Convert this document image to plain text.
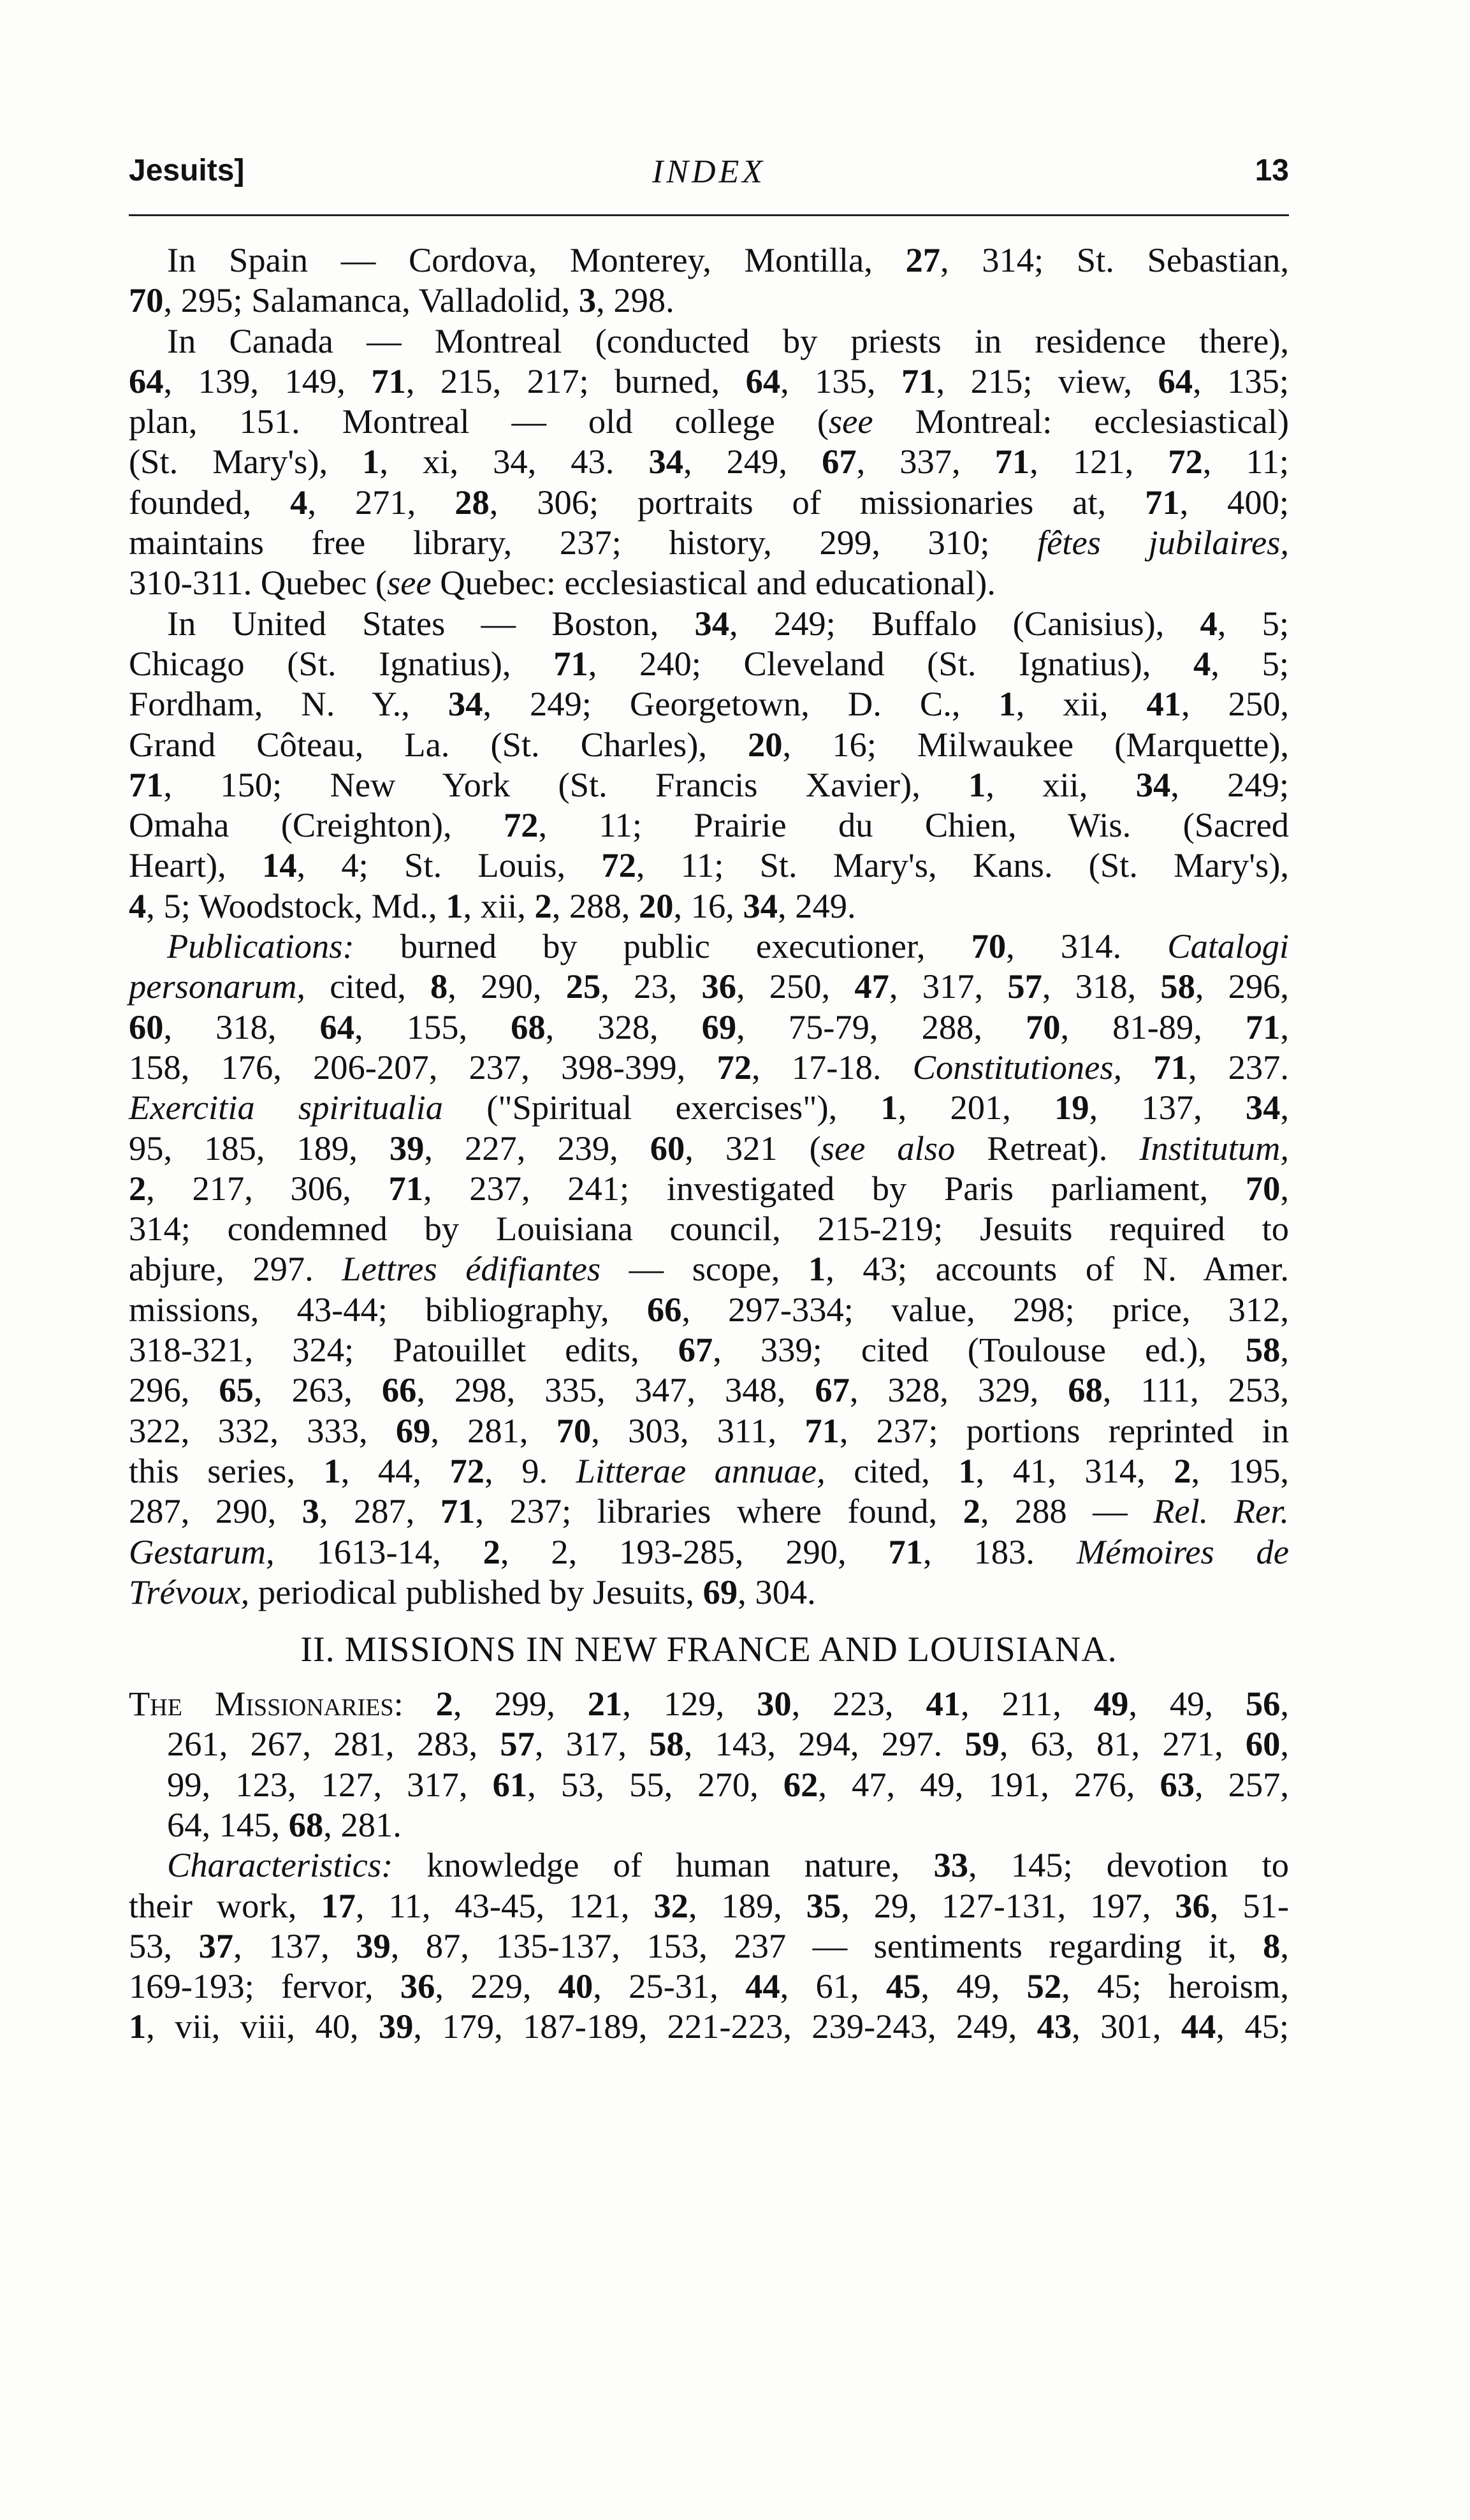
Jesuits]	INDEX	13
In Spain — Cordova, Monterey, Montilla, 27, 314; St. Sebastian,
70, 295; Salamanca, Valladolid, 3, 298.
In Canada — Montreal (conducted by priests in residence there),
64, 139, 149, 71, 215, 217; burned, 64, 135, 71, 215; view, 64, 135;
plan, 151. Montreal — old college (see Montreal: ecclesiastical)
(St. Mary's), 1, xi, 34, 43. 34, 249, 67, 337, 71, 121, 72, 11;
founded, 4, 271, 28, 306; portraits of missionaries at, 71, 400;
maintains free library, 237; history, 299, 310; fêtes jubilaires,
310-311. Quebec (see Quebec: ecclesiastical and educational).
In United States — Boston, 34, 249; Buffalo (Canisius), 4, 5;
Chicago (St. Ignatius), 71, 240; Cleveland (St. Ignatius), 4, 5;
Fordham, N. Y., 34, 249; Georgetown, D. C., 1, xii, 41, 250,
Grand Côteau, La. (St. Charles), 20, 16; Milwaukee (Marquette),
71, 150; New York (St. Francis Xavier), 1, xii, 34, 249;
Omaha (Creighton), 72, 11; Prairie du Chien, Wis. (Sacred
Heart), 14, 4; St. Louis, 72, 11; St. Mary's, Kans. (St. Mary's),
4, 5; Woodstock, Md., 1, xii, 2, 288, 20, 16, 34, 249.
Publications: burned by public executioner, 70, 314. Catalogi
personarum, cited, 8, 290, 25, 23, 36, 250, 47, 317, 57, 318, 58, 296,
60, 318, 64, 155, 68, 328, 69, 75-79, 288, 70, 81-89, 71,
158, 176, 206-207, 237, 398-399, 72, 17-18. Constitutiones, 71, 237.
Exercitia spiritualia ("Spiritual exercises"), 1, 201, 19, 137, 34,
95, 185, 189, 39, 227, 239, 60, 321 (see also Retreat). Institutum,
2, 217, 306, 71, 237, 241; investigated by Paris parliament, 70,
314; condemned by Louisiana council, 215-219; Jesuits required to
abjure, 297. Lettres édifiantes — scope, 1, 43; accounts of N. Amer.
missions, 43-44; bibliography, 66, 297-334; value, 298; price, 312,
318-321, 324; Patouillet edits, 67, 339; cited (Toulouse ed.), 58,
296, 65, 263, 66, 298, 335, 347, 348, 67, 328, 329, 68, 111, 253,
322, 332, 333, 69, 281, 70, 303, 311, 71, 237; portions reprinted in
this series, 1, 44, 72, 9. Litterae annuae, cited, 1, 41, 314, 2, 195,
287, 290, 3, 287, 71, 237; libraries where found, 2, 288 — Rel. Rer.
Gestarum, 1613-14, 2, 2, 193-285, 290, 71, 183. Mémoires de
Trévoux, periodical published by Jesuits, 69, 304.
II. MISSIONS IN NEW FRANCE AND LOUISIANA.
The Missionaries: 2, 299, 21, 129, 30, 223, 41, 211, 49, 49, 56,
261, 267, 281, 283, 57, 317, 58, 143, 294, 297. 59, 63, 81, 271, 60,
99, 123, 127, 317, 61, 53, 55, 270, 62, 47, 49, 191, 276, 63, 257,
64, 145, 68, 281.
Characteristics: knowledge of human nature, 33, 145; devotion to
their work, 17, 11, 43-45, 121, 32, 189, 35, 29, 127-131, 197, 36, 51-
53, 37, 137, 39, 87, 135-137, 153, 237 — sentiments regarding it, 8,
169-193; fervor, 36, 229, 40, 25-31, 44, 61, 45, 49, 52, 45; heroism,
1, vii, viii, 40, 39, 179, 187-189, 221-223, 239-243, 249, 43, 301, 44, 45;
